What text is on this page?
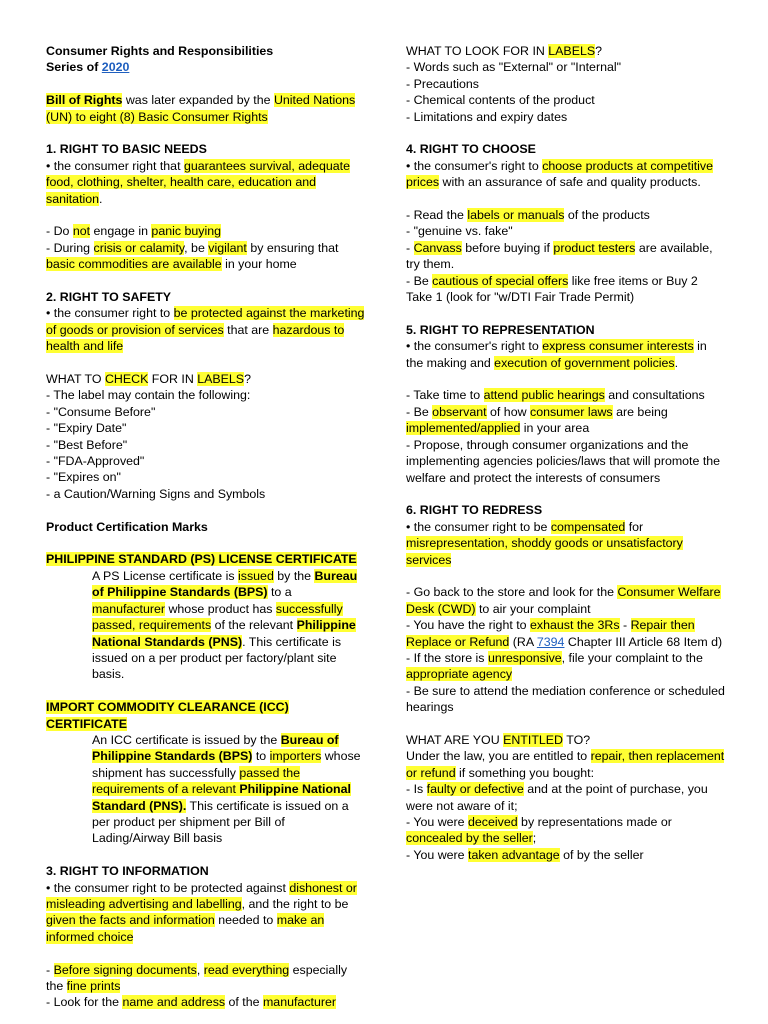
Consumer Rights and Responsibilities

Series of 2020

Bill of Rights was later expanded by the United Nations (UN) to eight (8) Basic Consumer Rights

1. RIGHT TO BASIC NEEDS

• the consumer right that guarantees survival, adequate food, clothing, shelter, health care, education and sanitation.

- Do not engage in panic buying

- During crisis or calamity, be vigilant by ensuring that basic commodities are available in your home

2. RIGHT TO SAFETY

• the consumer right to be protected against the marketing of goods or provision of services that are hazardous to health and life

WHAT TO CHECK FOR IN LABELS?

- The label may contain the following:

- "Consume Before"

- "Expiry Date"

- "Best Before"

- "FDA-Approved"

- "Expires on"

- a Caution/Warning Signs and Symbols

Product Certification Marks

PHILIPPINE STANDARD (PS) LICENSE CERTIFICATE

A PS License certificate is issued by the Bureau of Philippine Standards (BPS) to a manufacturer whose product has successfully passed, requirements of the relevant Philippine National Standards (PNS). This certificate is issued on a per product per factory/plant site basis.

IMPORT COMMODITY CLEARANCE (ICC) CERTIFICATE

An ICC certificate is issued by the Bureau of Philippine Standards (BPS) to importers whose shipment has successfully passed the requirements of a relevant Philippine National Standard (PNS). This certificate is issued on a per product per shipment per Bill of Lading/Airway Bill basis

3. RIGHT TO INFORMATION

• the consumer right to be protected against dishonest or misleading advertising and labelling, and the right to be given the facts and information needed to make an informed choice

- Before signing documents, read everything especially the fine prints

- Look for the name and address of the manufacturer

WHAT TO LOOK FOR IN LABELS?

- Words such as "External" or "Internal"

- Precautions

- Chemical contents of the product

- Limitations and expiry dates

4. RIGHT TO CHOOSE

• the consumer's right to choose products at competitive prices with an assurance of safe and quality products.

- Read the labels or manuals of the products

- "genuine vs. fake"

- Canvass before buying if product testers are available, try them.

- Be cautious of special offers like free items or Buy 2 Take 1 (look for "w/DTI Fair Trade Permit)

5. RIGHT TO REPRESENTATION

• the consumer's right to express consumer interests in the making and execution of government policies.

- Take time to attend public hearings and consultations

- Be observant of how consumer laws are being implemented/applied in your area

- Propose, through consumer organizations and the implementing agencies policies/laws that will promote the welfare and protect the interests of consumers

6. RIGHT TO REDRESS

• the consumer right to be compensated for misrepresentation, shoddy goods or unsatisfactory services

- Go back to the store and look for the Consumer Welfare Desk (CWD) to air your complaint

- You have the right to exhaust the 3Rs - Repair then Replace or Refund (RA 7394 Chapter III Article 68 Item d)

- If the store is unresponsive, file your complaint to the appropriate agency

- Be sure to attend the mediation conference or scheduled hearings

WHAT ARE YOU ENTITLED TO?

Under the law, you are entitled to repair, then replacement or refund if something you bought:

- Is faulty or defective and at the point of purchase, you were not aware of it;

- You were deceived by representations made or concealed by the seller;

- You were taken advantage of by the seller
